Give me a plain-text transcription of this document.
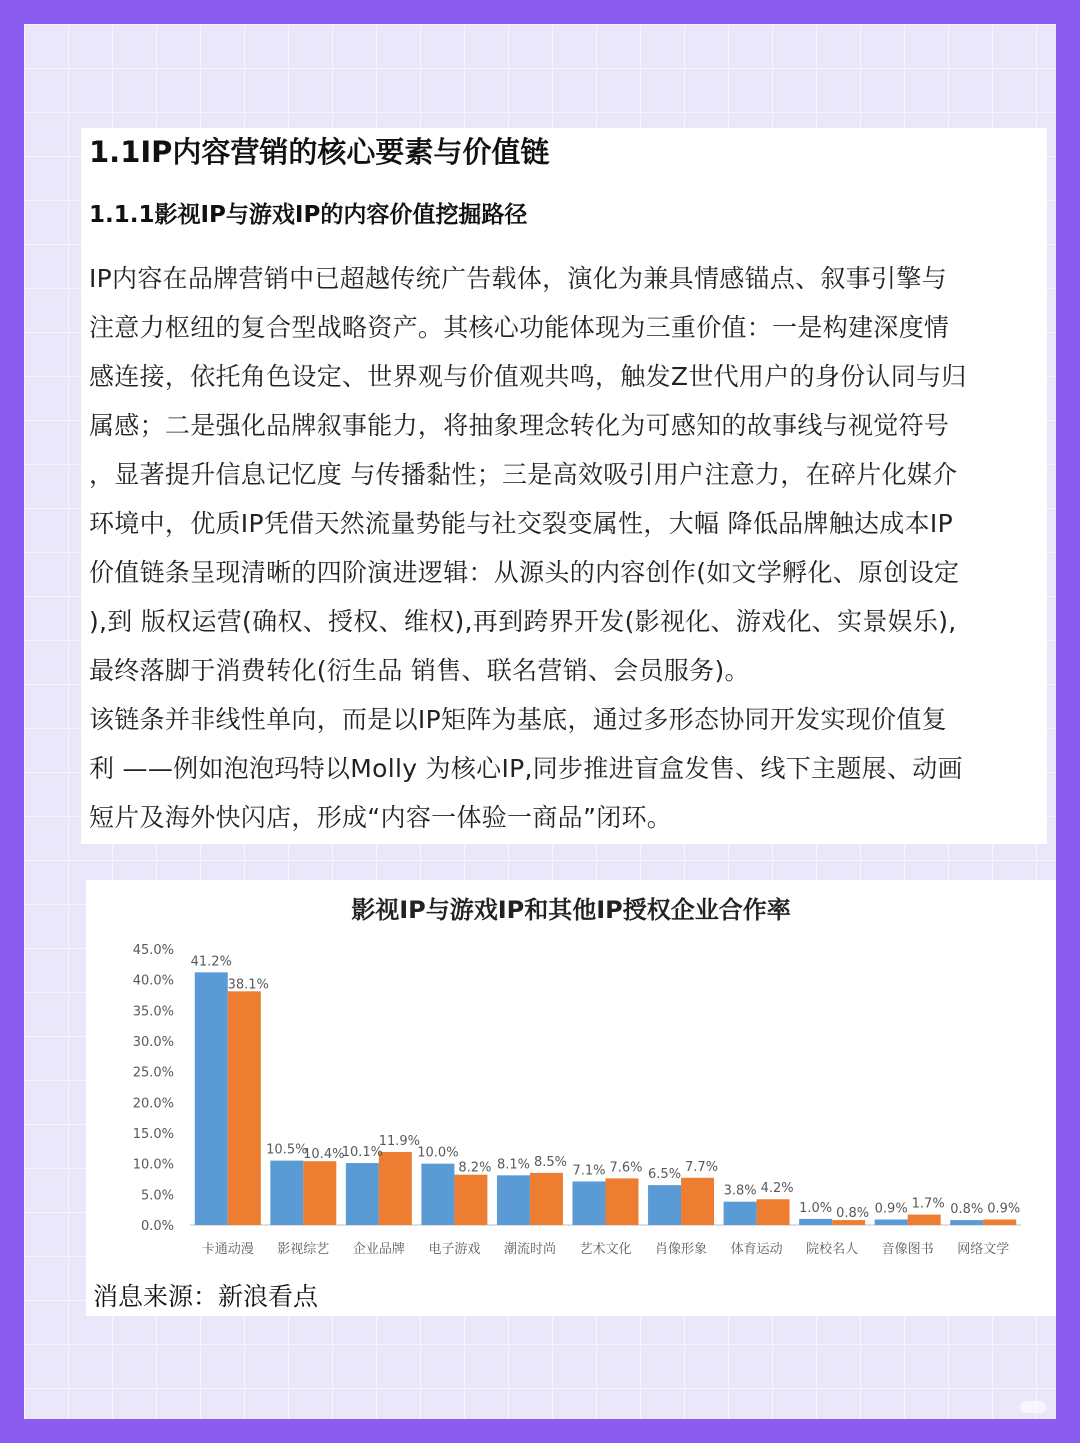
1.1IP内容营销的核心要素与价值链
1.1.1影视IP与游戏IP的内容价值挖掘路径
IP内容在品牌营销中已超越传统广告载体，演化为兼具情感锚点、叙事引擎与
注意力枢纽的复合型战略资产。其核心功能体现为三重价值：一是构建深度情
感连接，依托角色设定、世界观与价值观共鸣，触发Z世代用户的身份认同与归
属感；二是强化品牌叙事能力，将抽象理念转化为可感知的故事线与视觉符号
，显著提升信息记忆度 与传播黏性；三是高效吸引用户注意力，在碎片化媒介
环境中，优质IP凭借天然流量势能与社交裂变属性，大幅 降低品牌触达成本IP
价值链条呈现清晰的四阶演进逻辑：从源头的内容创作(如文学孵化、原创设定
),到 版权运营(确权、授权、维权),再到跨界开发(影视化、游戏化、实景娱乐),
最终落脚于消费转化(衍生品 销售、联名营销、会员服务)。
该链条并非线性单向，而是以IP矩阵为基底，通过多形态协同开发实现价值复
利 ——例如泡泡玛特以Molly 为核心IP,同步推进盲盒发售、线下主题展、动画
短片及海外快闪店，形成“内容一体验一商品”闭环。
影视IP与游戏IP和其他IP授权企业合作率
0.0%
5.0%
10.0%
15.0%
20.0%
25.0%
30.0%
35.0%
40.0%
45.0%
41.2%
38.1%
卡通动漫
10.5%
10.4%
影视综艺
10.1%
11.9%
企业品牌
10.0%
8.2%
电子游戏
8.1% 8.5%
潮流时尚
7.1% 7.6%
艺术文化
6.5% 7.7%
肖像形象
3.8% 4.2%
体育运动
1.0% 0.8%
院校名人
0.9% 1.7%
音像图书
0.8% 0.9%
网络文学
消息来源：新浪看点
